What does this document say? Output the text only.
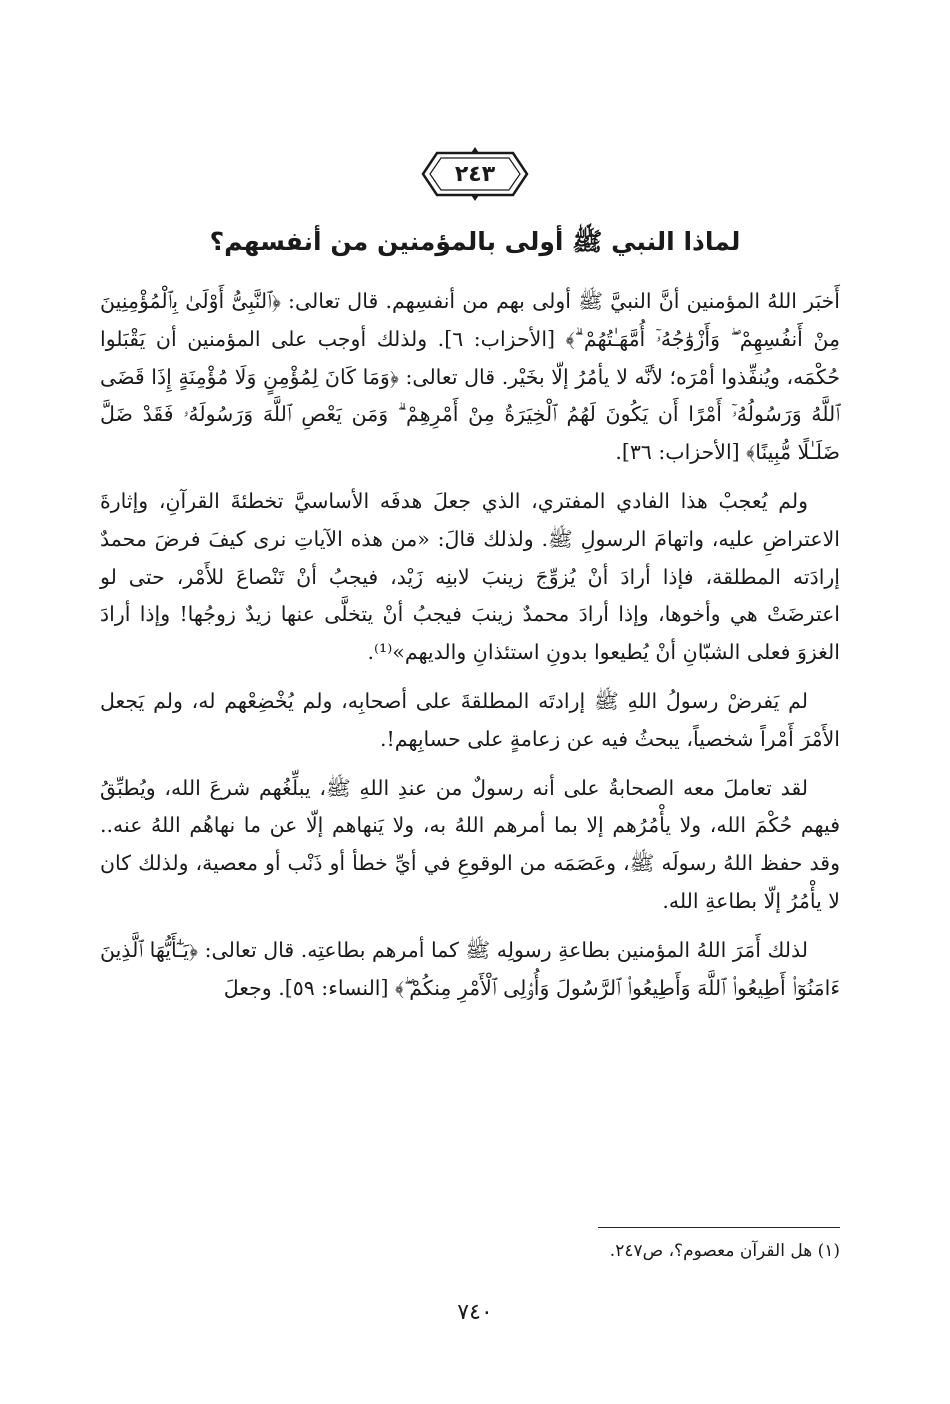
٢٤٣
لماذا النبي ﷺ أولى بالمؤمنين من أنفسهم؟

أَخبَر اللهُ المؤمنين أنَّ النبيَّ ﷺ أولى بهم من أنفسِهم. قال تعالى: ﴿ٱلنَّبِىُّ أَوْلَىٰ بِٱلْمُؤْمِنِينَ مِنْ أَنفُسِهِمْ ۖ وَأَزْوَٰجُهُۥٓ أُمَّهَـٰتُهُمْ ۗ﴾ [الأحزاب: ٦]. ولذلك أوجب على المؤمنين أن يَقْبَلوا حُكْمَه، ويُنفِّذوا أمْرَه؛ لأنَّه لا يأمُرُ إلّا بخَيْر. قال تعالى: ﴿وَمَا كَانَ لِمُؤْمِنٍ وَلَا مُؤْمِنَةٍ إِذَا قَضَى ٱللَّهُ وَرَسُولُهُۥٓ أَمْرًا أَن يَكُونَ لَهُمُ ٱلْخِيَرَةُ مِنْ أَمْرِهِمْ ۗ وَمَن يَعْصِ ٱللَّهَ وَرَسُولَهُۥ فَقَدْ ضَلَّ ضَلَـٰلًا مُّبِينًا﴾ [الأحزاب: ٣٦].

ولم يُعجبْ هذا الفادي المفتري، الذي جعلَ هدفَه الأساسيَّ تخطئةَ القرآنِ، وإثارةَ الاعتراضِ عليه، واتهامَ الرسولِ ﷺ. ولذلك قالَ: «من هذه الآياتِ نرى كيفَ فرضَ محمدٌ إرادَته المطلقة، فإذا أرادَ أنْ يُزوِّجَ زينبَ لابنِه زَيْد، فيجبُ أنْ تَنْصاعَ للأَمْر، حتى لو اعترضَتْ هي وأخوها، وإذا أرادَ محمدٌ زينبَ فيجبُ أنْ يتخلَّى عنها زيدٌ زوجُها! وإذا أرادَ الغزوَ فعلى الشبّانِ أنْ يُطيعوا بدونِ استئذانِ والديهم»⁽¹⁾.

لم يَفرضْ رسولُ اللهِ ﷺ إرادتَه المطلقةَ على أصحابِه، ولم يُخْضِعْهم له، ولم يَجعل الأَمْرَ أَمْراً شخصياً، يبحثُ فيه عن زعامةٍ على حسابِهم!.

لقد تعاملَ معه الصحابةُ على أنه رسولٌ من عندِ اللهِ ﷺ، يبلِّغُهم شرعَ الله، ويُطبِّقُ فيهم حُكْمَ الله، ولا يأْمُرُهم إلا بما أمرهم اللهُ به، ولا يَنهاهم إلّا عن ما نهاهُم اللهُ عنه.. وقد حفظ اللهُ رسولَه ﷺ، وعَصَمَه من الوقوعِ في أيِّ خطأ أو ذَنْب أو معصية، ولذلك كان لا يأْمُرُ إلّا بطاعةِ الله.

لذلك أَمَرَ اللهُ المؤمنين بطاعةِ رسولِه ﷺ كما أمرهم بطاعتِه. قال تعالى: ﴿يَـٰٓأَيُّهَا ٱلَّذِينَ ءَامَنُوٓا۟ أَطِيعُوا۟ ٱللَّهَ وَأَطِيعُوا۟ ٱلرَّسُولَ وَأُو۟لِى ٱلْأَمْرِ مِنكُمْ ۖ﴾ [النساء: ٥٩]. وجعلَ

(١) هل القرآن معصوم؟، ص٢٤٧.
٧٤٠
